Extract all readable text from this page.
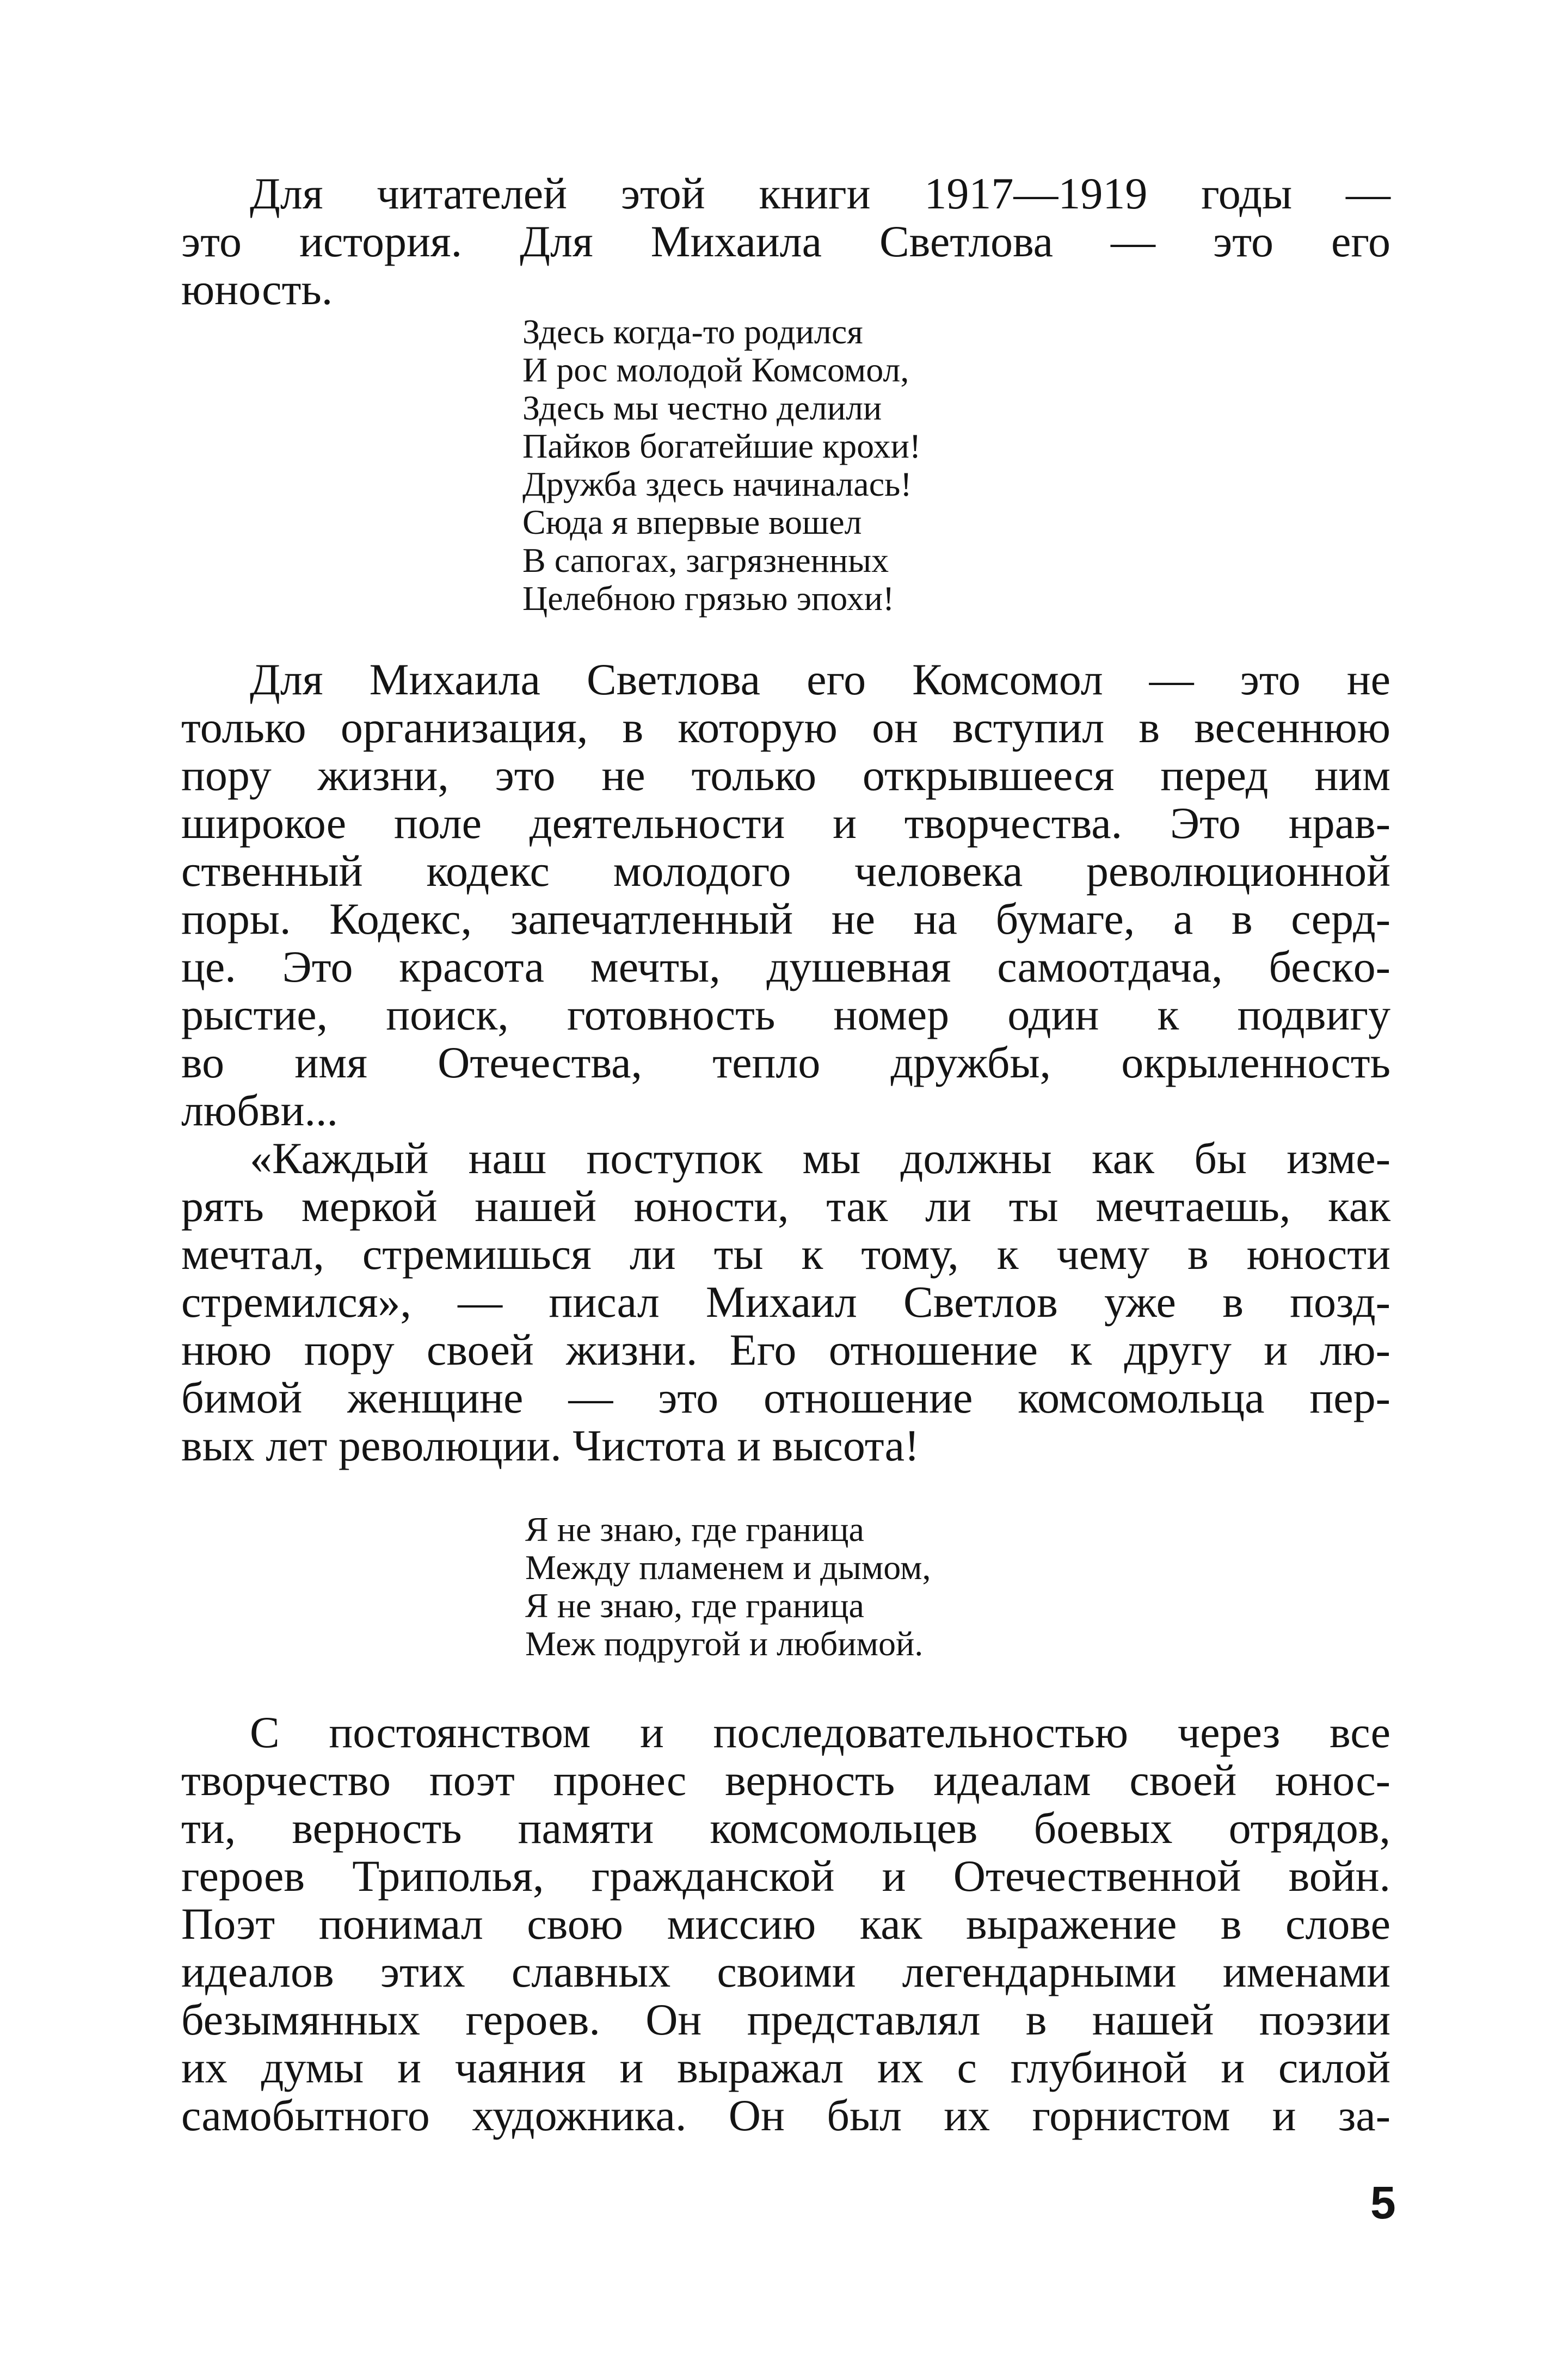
Для читателей этой книги 1917—1919 годы —
это история. Для Михаила Светлова — это его
юность.
Здесь когда-то родился
И рос молодой Комсомол,
Здесь мы честно делили
Пайков богатейшие крохи!
Дружба здесь начиналась!
Сюда я впервые вошел
В сапогах, загрязненных
Целебною грязью эпохи!
Для Михаила Светлова его Комсомол — это не
только организация, в которую он вступил в весеннюю
пору жизни, это не только открывшееся перед ним
широкое поле деятельности и творчества. Это нрав-
ственный кодекс молодого человека революционной
поры. Кодекс, запечатленный не на бумаге, а в серд-
це. Это красота мечты, душевная самоотдача, бескo-
рыстие, поиск, готовность номер один к подвигу
во имя Отечества, тепло дружбы, окрыленность
любви...
«Каждый наш поступок мы должны как бы изме-
рять меркой нашей юности, так ли ты мечтаешь, как
мечтал, стремишься ли ты к тому, к чему в юности
стремился», — писал Михаил Светлов уже в позд-
нюю пору своей жизни. Его отношение к другу и лю-
бимой женщине — это отношение комсомольца пер-
вых лет революции. Чистота и высота!
Я не знаю, где граница
Между пламенем и дымом,
Я не знаю, где граница
Меж подругой и любимой.
С постоянством и последовательностью через все
творчество поэт пронес верность идеалам своей юнос-
ти, верность памяти комсомольцев боевых отрядов,
героев Триполья, гражданской и Отечественной войн.
Поэт понимал свою миссию как выражение в слове
идеалов этих славных своими легендарными именами
безымянных героев. Он представлял в нашей поэзии
их думы и чаяния и выражал их с глубиной и силой
самобытного художника. Он был их горнистом и за-
5
